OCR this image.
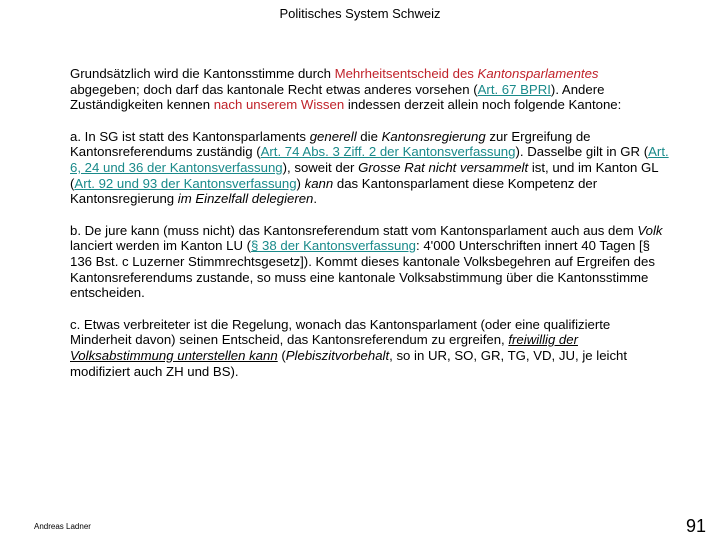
Politisches System Schweiz

Grundsätzlich wird die Kantonsstimme durch Mehrheitsentscheid des Kantonsparlamentes abgegeben; doch darf das kantonale Recht etwas anderes vorsehen (Art. 67 BPRI). Andere Zuständigkeiten kennen nach unserem Wissen indessen derzeit allein noch folgende Kantone:

a. In SG ist statt des Kantonsparlaments generell die Kantonsregierung zur Ergreifung de Kantonsreferendums zuständig (Art. 74 Abs. 3 Ziff. 2 der Kantonsverfassung). Dasselbe gilt in GR (Art. 6, 24 und 36 der Kantonsverfassung), soweit der Grosse Rat nicht versammelt ist, und im Kanton GL (Art. 92 und 93 der Kantonsverfassung) kann das Kantonsparlament diese Kompetenz der Kantonsregierung im Einzelfall delegieren.

b. De jure kann (muss nicht) das Kantonsreferendum statt vom Kantonsparlament auch aus dem Volk lanciert werden im Kanton LU (§ 38 der Kantonsverfassung: 4'000 Unterschriften innert 40 Tagen [§ 136 Bst. c Luzerner Stimmrechtsgesetz]). Kommt dieses kantonale Volksbegehren auf Ergreifen des Kantonsreferendums zustande, so muss eine kantonale Volksabstimmung über die Kantonsstimme entscheiden.

c. Etwas verbreiteter ist die Regelung, wonach das Kantonsparlament (oder eine qualifizierte Minderheit davon) seinen Entscheid, das Kantonsreferendum zu ergreifen, freiwillig der Volksabstimmung unterstellen kann (Plebiszitvorbehalt, so in UR, SO, GR, TG, VD, JU, je leicht modifiziert auch ZH und BS).

Andreas Ladner	91
